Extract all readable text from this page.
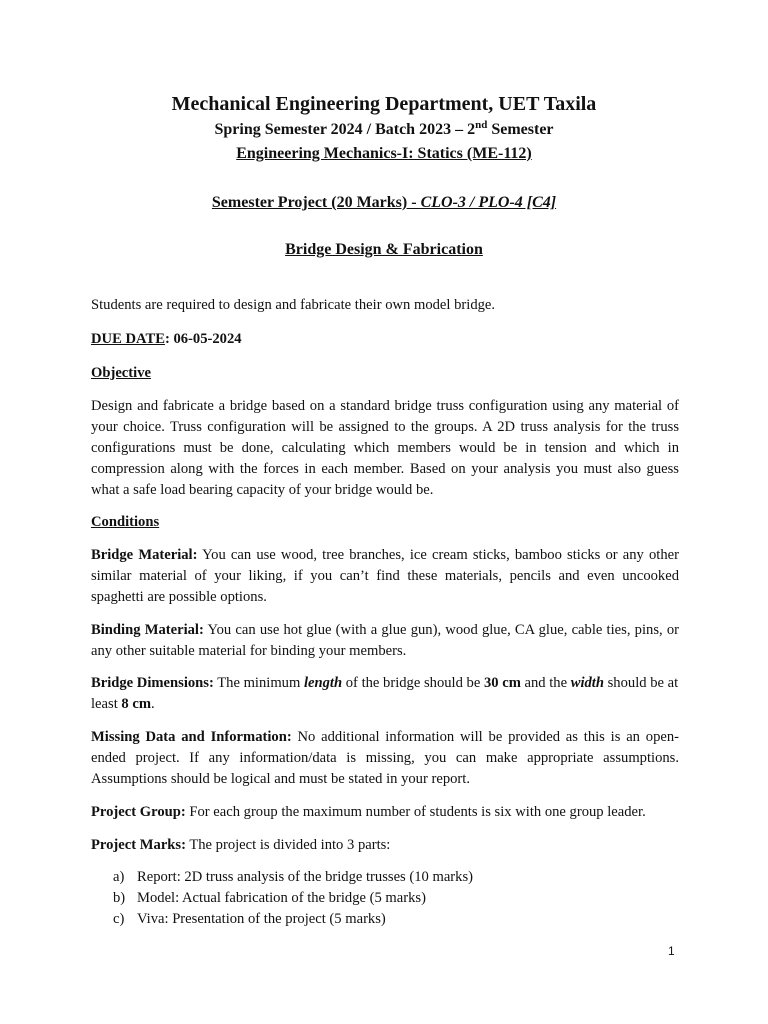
Mechanical Engineering Department, UET Taxila
Spring Semester 2024 / Batch 2023 – 2nd Semester
Engineering Mechanics-I: Statics (ME-112)
Semester Project (20 Marks) - CLO-3 / PLO-4 [C4]
Bridge Design & Fabrication
Students are required to design and fabricate their own model bridge.
DUE DATE: 06-05-2024
Objective
Design and fabricate a bridge based on a standard bridge truss configuration using any material of your choice. Truss configuration will be assigned to the groups. A 2D truss analysis for the truss configurations must be done, calculating which members would be in tension and which in compression along with the forces in each member. Based on your analysis you must also guess what a safe load bearing capacity of your bridge would be.
Conditions
Bridge Material: You can use wood, tree branches, ice cream sticks, bamboo sticks or any other similar material of your liking, if you can’t find these materials, pencils and even uncooked spaghetti are possible options.
Binding Material: You can use hot glue (with a glue gun), wood glue, CA glue, cable ties, pins, or any other suitable material for binding your members.
Bridge Dimensions: The minimum length of the bridge should be 30 cm and the width should be at least 8 cm.
Missing Data and Information: No additional information will be provided as this is an open-ended project. If any information/data is missing, you can make appropriate assumptions. Assumptions should be logical and must be stated in your report.
Project Group: For each group the maximum number of students is six with one group leader.
Project Marks: The project is divided into 3 parts:
a) Report: 2D truss analysis of the bridge trusses (10 marks)
b) Model: Actual fabrication of the bridge (5 marks)
c) Viva: Presentation of the project (5 marks)
1
